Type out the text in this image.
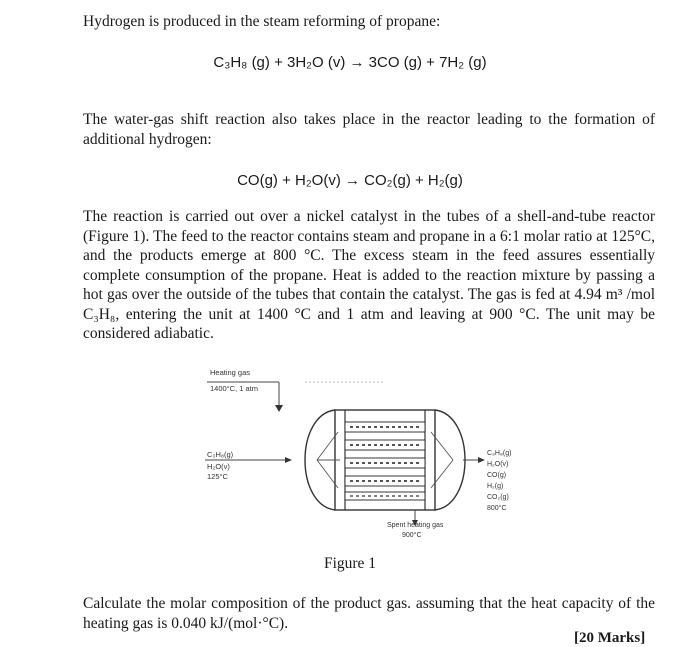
Hydrogen is produced in the steam reforming of propane:

C₃H₈ (g) + 3H₂O (v) → 3CO (g) + 7H₂ (g)

The water-gas shift reaction also takes place in the reactor leading to the formation of additional hydrogen:

CO(g) + H₂O(v) → CO₂(g) + H₂(g)

The reaction is carried out over a nickel catalyst in the tubes of a shell-and-tube reactor (Figure 1). The feed to the reactor contains steam and propane in a 6:1 molar ratio at 125°C, and the products emerge at 800 °C. The excess steam in the feed assures essentially complete consumption of the propane. Heat is added to the reaction mixture by passing a hot gas over the outside of the tubes that contain the catalyst. The gas is fed at 4.94 m³ /mol C₃H₈, entering the unit at 1400 °C and 1 atm and leaving at 900 °C. The unit may be considered adiabatic.

Heating gas
1400°C, 1 atm
C₃H₈(g)
H₂O(v)
125°C
C₃H₈(g)
H₂O(v)
CO(g)
H₂(g)
CO₂(g)
800°C
Spent heating gas
900°C
Figure 1

Calculate the molar composition of the product gas. assuming that the heat capacity of the heating gas is 0.040 kJ/(mol·°C).

[20 Marks]
